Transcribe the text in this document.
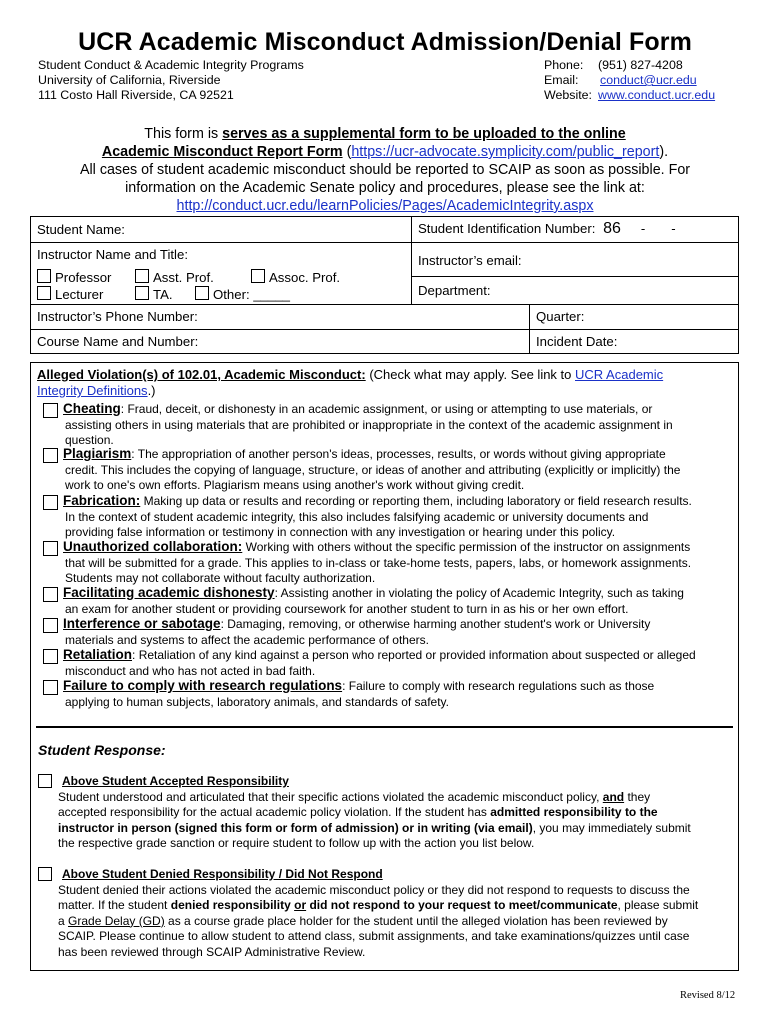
UCR Academic Misconduct Admission/Denial Form
Student Conduct & Academic Integrity Programs
University of California, Riverside
111 Costo Hall Riverside, CA 92521
Phone: (951) 827-4208
Email: conduct@ucr.edu
Website: www.conduct.ucr.edu
This form is serves as a supplemental form to be uploaded to the online
Academic Misconduct Report Form (https://ucr-advocate.symplicity.com/public_report).
All cases of student academic misconduct should be reported to SCAIP as soon as possible. For
information on the Academic Senate policy and procedures, please see the link at:
http://conduct.ucr.edu/learnPolicies/Pages/AcademicIntegrity.aspx
Student Name:	Student Identification Number: 86 - -	

Instructor Name and Title:
Professor Asst. Prof. Assoc. Prof.
Lecturer TA. Other: _____	Instructor’s email:	
	Department:	
Instructor’s Phone Number:		Quarter:
Course Name and Number:		Incident Date:
Alleged Violation(s) of 102.01, Academic Misconduct: (Check what may apply. See link to UCR Academic
Integrity Definitions.)
Cheating: Fraud, deceit, or dishonesty in an academic assignment, or using or attempting to use materials, or
assisting others in using materials that are prohibited or inappropriate in the context of the academic assignment in
question.
Plagiarism: The appropriation of another person's ideas, processes, results, or words without giving appropriate
credit. This includes the copying of language, structure, or ideas of another and attributing (explicitly or implicitly) the
work to one's own efforts. Plagiarism means using another's work without giving credit.
Fabrication: Making up data or results and recording or reporting them, including laboratory or field research results.
In the context of student academic integrity, this also includes falsifying academic or university documents and
providing false information or testimony in connection with any investigation or hearing under this policy.
Unauthorized collaboration: Working with others without the specific permission of the instructor on assignments
that will be submitted for a grade. This applies to in-class or take-home tests, papers, labs, or homework assignments.
Students may not collaborate without faculty authorization.
Facilitating academic dishonesty: Assisting another in violating the policy of Academic Integrity, such as taking
an exam for another student or providing coursework for another student to turn in as his or her own effort.
Interference or sabotage: Damaging, removing, or otherwise harming another student's work or University
materials and systems to affect the academic performance of others.
Retaliation: Retaliation of any kind against a person who reported or provided information about suspected or alleged
misconduct and who has not acted in bad faith.
Failure to comply with research regulations: Failure to comply with research regulations such as those
applying to human subjects, laboratory animals, and standards of safety.
Student Response:
Above Student Accepted Responsibility
Student understood and articulated that their specific actions violated the academic misconduct policy, and they
accepted responsibility for the actual academic policy violation. If the student has admitted responsibility to the
instructor in person (signed this form or form of admission) or in writing (via email), you may immediately submit
the respective grade sanction or require student to follow up with the action you list below.
Above Student Denied Responsibility / Did Not Respond
Student denied their actions violated the academic misconduct policy or they did not respond to requests to discuss the
matter. If the student denied responsibility or did not respond to your request to meet/communicate, please submit
a Grade Delay (GD) as a course grade place holder for the student until the alleged violation has been reviewed by
SCAIP. Please continue to allow student to attend class, submit assignments, and take examinations/quizzes until case
has been reviewed through SCAIP Administrative Review.
Revised 8/12
